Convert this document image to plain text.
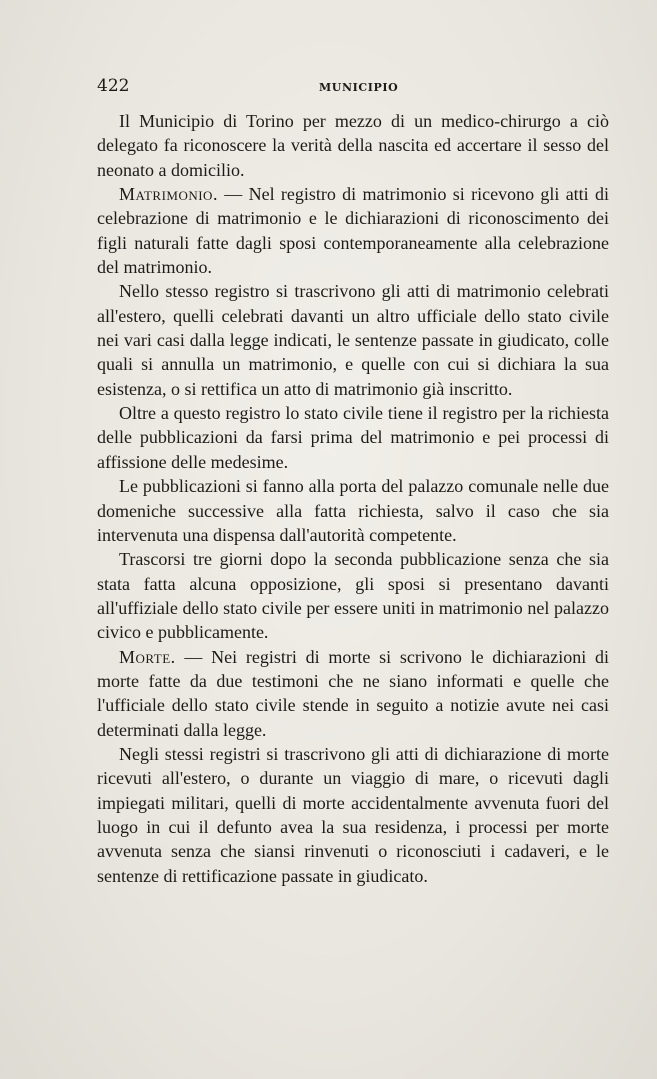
422	MUNICIPIO

Il Municipio di Torino per mezzo di un medico-chirurgo a ciò delegato fa riconoscere la verità della nascita ed accertare il sesso del neonato a domicilio.

Matrimonio. — Nel registro di matrimonio si ricevono gli atti di celebrazione di matrimonio e le dichiarazioni di riconoscimento dei figli naturali fatte dagli sposi contemporaneamente alla celebrazione del matrimonio.

Nello stesso registro si trascrivono gli atti di matrimonio celebrati all'estero, quelli celebrati davanti un altro ufficiale dello stato civile nei vari casi dalla legge indicati, le sentenze passate in giudicato, colle quali si annulla un matrimonio, e quelle con cui si dichiara la sua esistenza, o si rettifica un atto di matrimonio già inscritto.

Oltre a questo registro lo stato civile tiene il registro per la richiesta delle pubblicazioni da farsi prima del matrimonio e pei processi di affissione delle medesime.

Le pubblicazioni si fanno alla porta del palazzo comunale nelle due domeniche successive alla fatta richiesta, salvo il caso che sia intervenuta una dispensa dall'autorità competente.

Trascorsi tre giorni dopo la seconda pubblicazione senza che sia stata fatta alcuna opposizione, gli sposi si presentano davanti all'uffiziale dello stato civile per essere uniti in matrimonio nel palazzo civico e pubblicamente.

Morte. — Nei registri di morte si scrivono le dichiarazioni di morte fatte da due testimoni che ne siano informati e quelle che l'ufficiale dello stato civile stende in seguito a notizie avute nei casi determinati dalla legge.

Negli stessi registri si trascrivono gli atti di dichiarazione di morte ricevuti all'estero, o durante un viaggio di mare, o ricevuti dagli impiegati militari, quelli di morte accidentalmente avvenuta fuori del luogo in cui il defunto avea la sua residenza, i processi per morte avvenuta senza che siansi rinvenuti o riconosciuti i cadaveri, e le sentenze di rettificazione passate in giudicato.
